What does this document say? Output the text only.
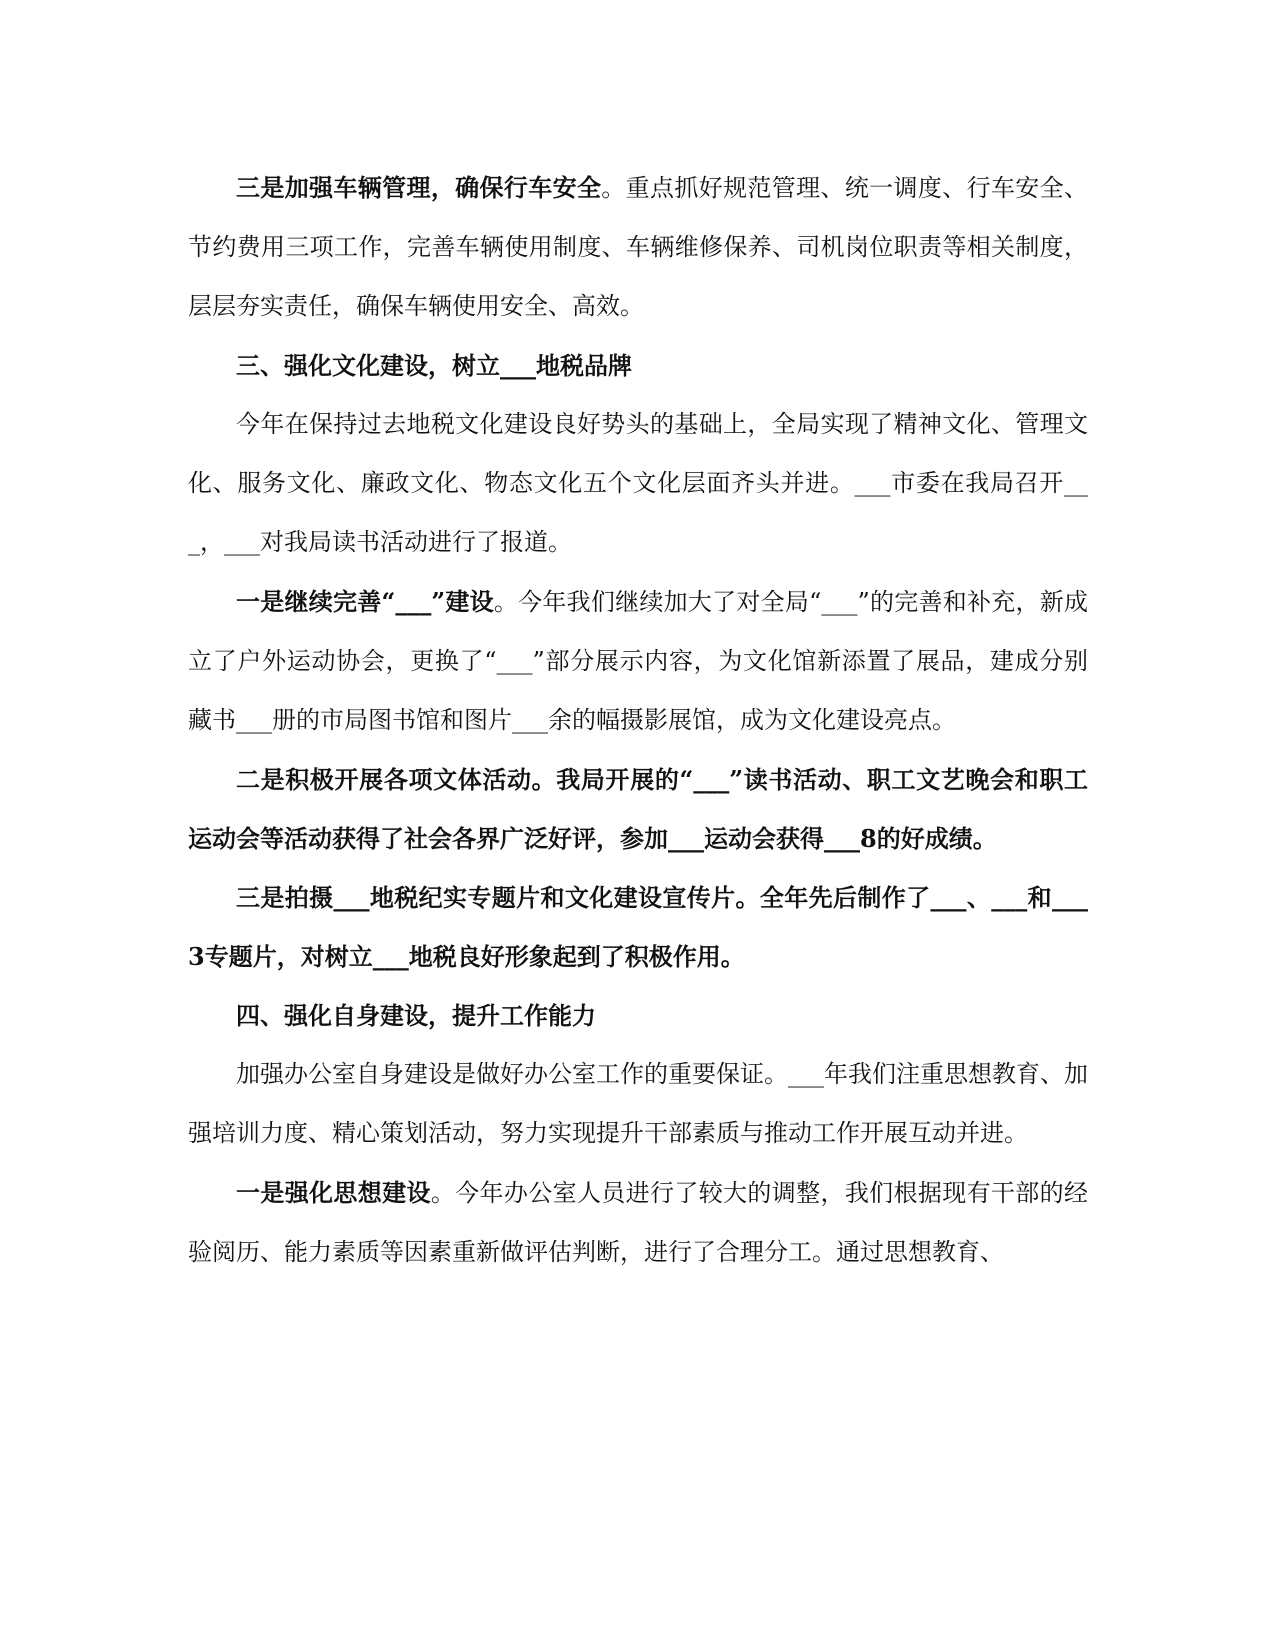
三是加强车辆管理，确保行车安全。重点抓好规范管理、统一调度、行车安全、节约费用三项工作，完善车辆使用制度、车辆维修保养、司机岗位职责等相关制度，层层夯实责任，确保车辆使用安全、高效。

三、强化文化建设，树立___地税品牌

今年在保持过去地税文化建设良好势头的基础上，全局实现了精神文化、管理文化、服务文化、廉政文化、物态文化五个文化层面齐头并进。___市委在我局召开___，___对我局读书活动进行了报道。

一是继续完善“___”建设。今年我们继续加大了对全局“___”的完善和补充，新成立了户外运动协会，更换了“___”部分展示内容，为文化馆新添置了展品，建成分别藏书___册的市局图书馆和图片___余的幅摄影展馆，成为文化建设亮点。

二是积极开展各项文体活动。我局开展的“___”读书活动、职工文艺晚会和职工运动会等活动获得了社会各界广泛好评，参加___运动会获得___8的好成绩。

三是拍摄___地税纪实专题片和文化建设宣传片。全年先后制作了___、___和___3专题片，对树立___地税良好形象起到了积极作用。

四、强化自身建设，提升工作能力

加强办公室自身建设是做好办公室工作的重要保证。___年我们注重思想教育、加强培训力度、精心策划活动，努力实现提升干部素质与推动工作开展互动并进。

一是强化思想建设。今年办公室人员进行了较大的调整，我们根据现有干部的经验阅历、能力素质等因素重新做评估判断，进行了合理分工。通过思想教育、
